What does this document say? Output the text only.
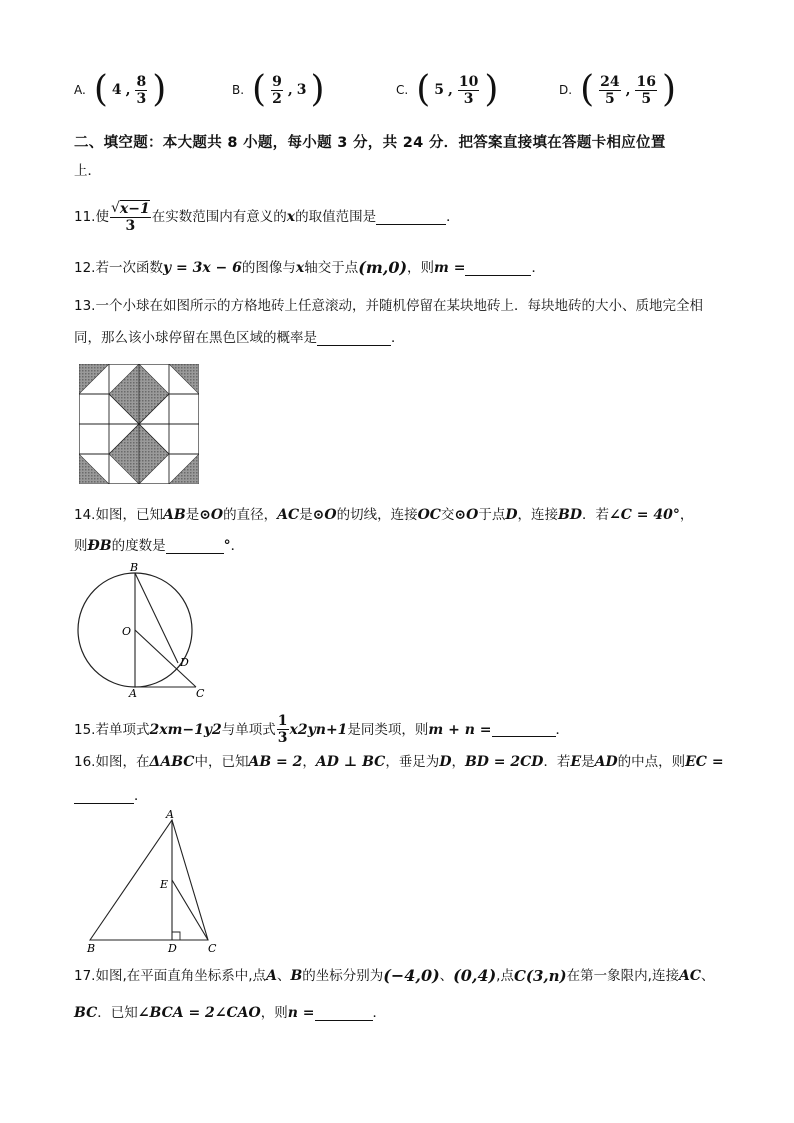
A. ( 4 , $\frac{8}{3}$ )	B. ( $\frac{9}{2}$ , 3 )	C. ( 5 , $\frac{10}{3}$ )	D. ( $\frac{24}{5}$ , $\frac{16}{5}$ )
二、填空题：本大题共 8 小题，每小题 3 分，共 24 分．把答案直接填在答题卡相应位置
上．
11.使 $\frac{√ x-1}{3}$ 在实数范围内有意义的 x 的取值范围是	．
12.若一次函数 y = 3x − 6 的图像与 x 轴交于点 (m,0) ，则 m =	．
13.一个小球在如图所示的方格地砖上任意滚动，并随机停留在某块地砖上．每块地砖的大小、质地完全相
同，那么该小球停留在黑色区域的概率是	．
14.如图，已知 AB 是 ⊙O 的直径， AC 是 ⊙O 的切线，连接 OC 交 ⊙O 于点 D ，连接 BD ．若 ∠C = 40° ，
则 ÐB 的度数是	° ．
B
O
D
A	C
15.若单项式 2x m−1 y 2 与单项式 $\frac{1}{3}$ x 2 y n+1 是同类项，则 m + n =	．
16.如图，在 ΔABC 中，已知 AB = 2 ， AD ⊥ BC ，垂足为 D ， BD = 2CD ．若 E 是 AD 的中点，则 EC =
．
A
E
B	D	C
17.如图,在平面直角坐标系中,点 A 、 B 的坐标分别为 (−4,0) 、 (0,4) ,点 C(3,n) 在第一象限内,连接 AC 、
BC ．已知 ∠BCA = 2∠CAO ，则 n =	．
